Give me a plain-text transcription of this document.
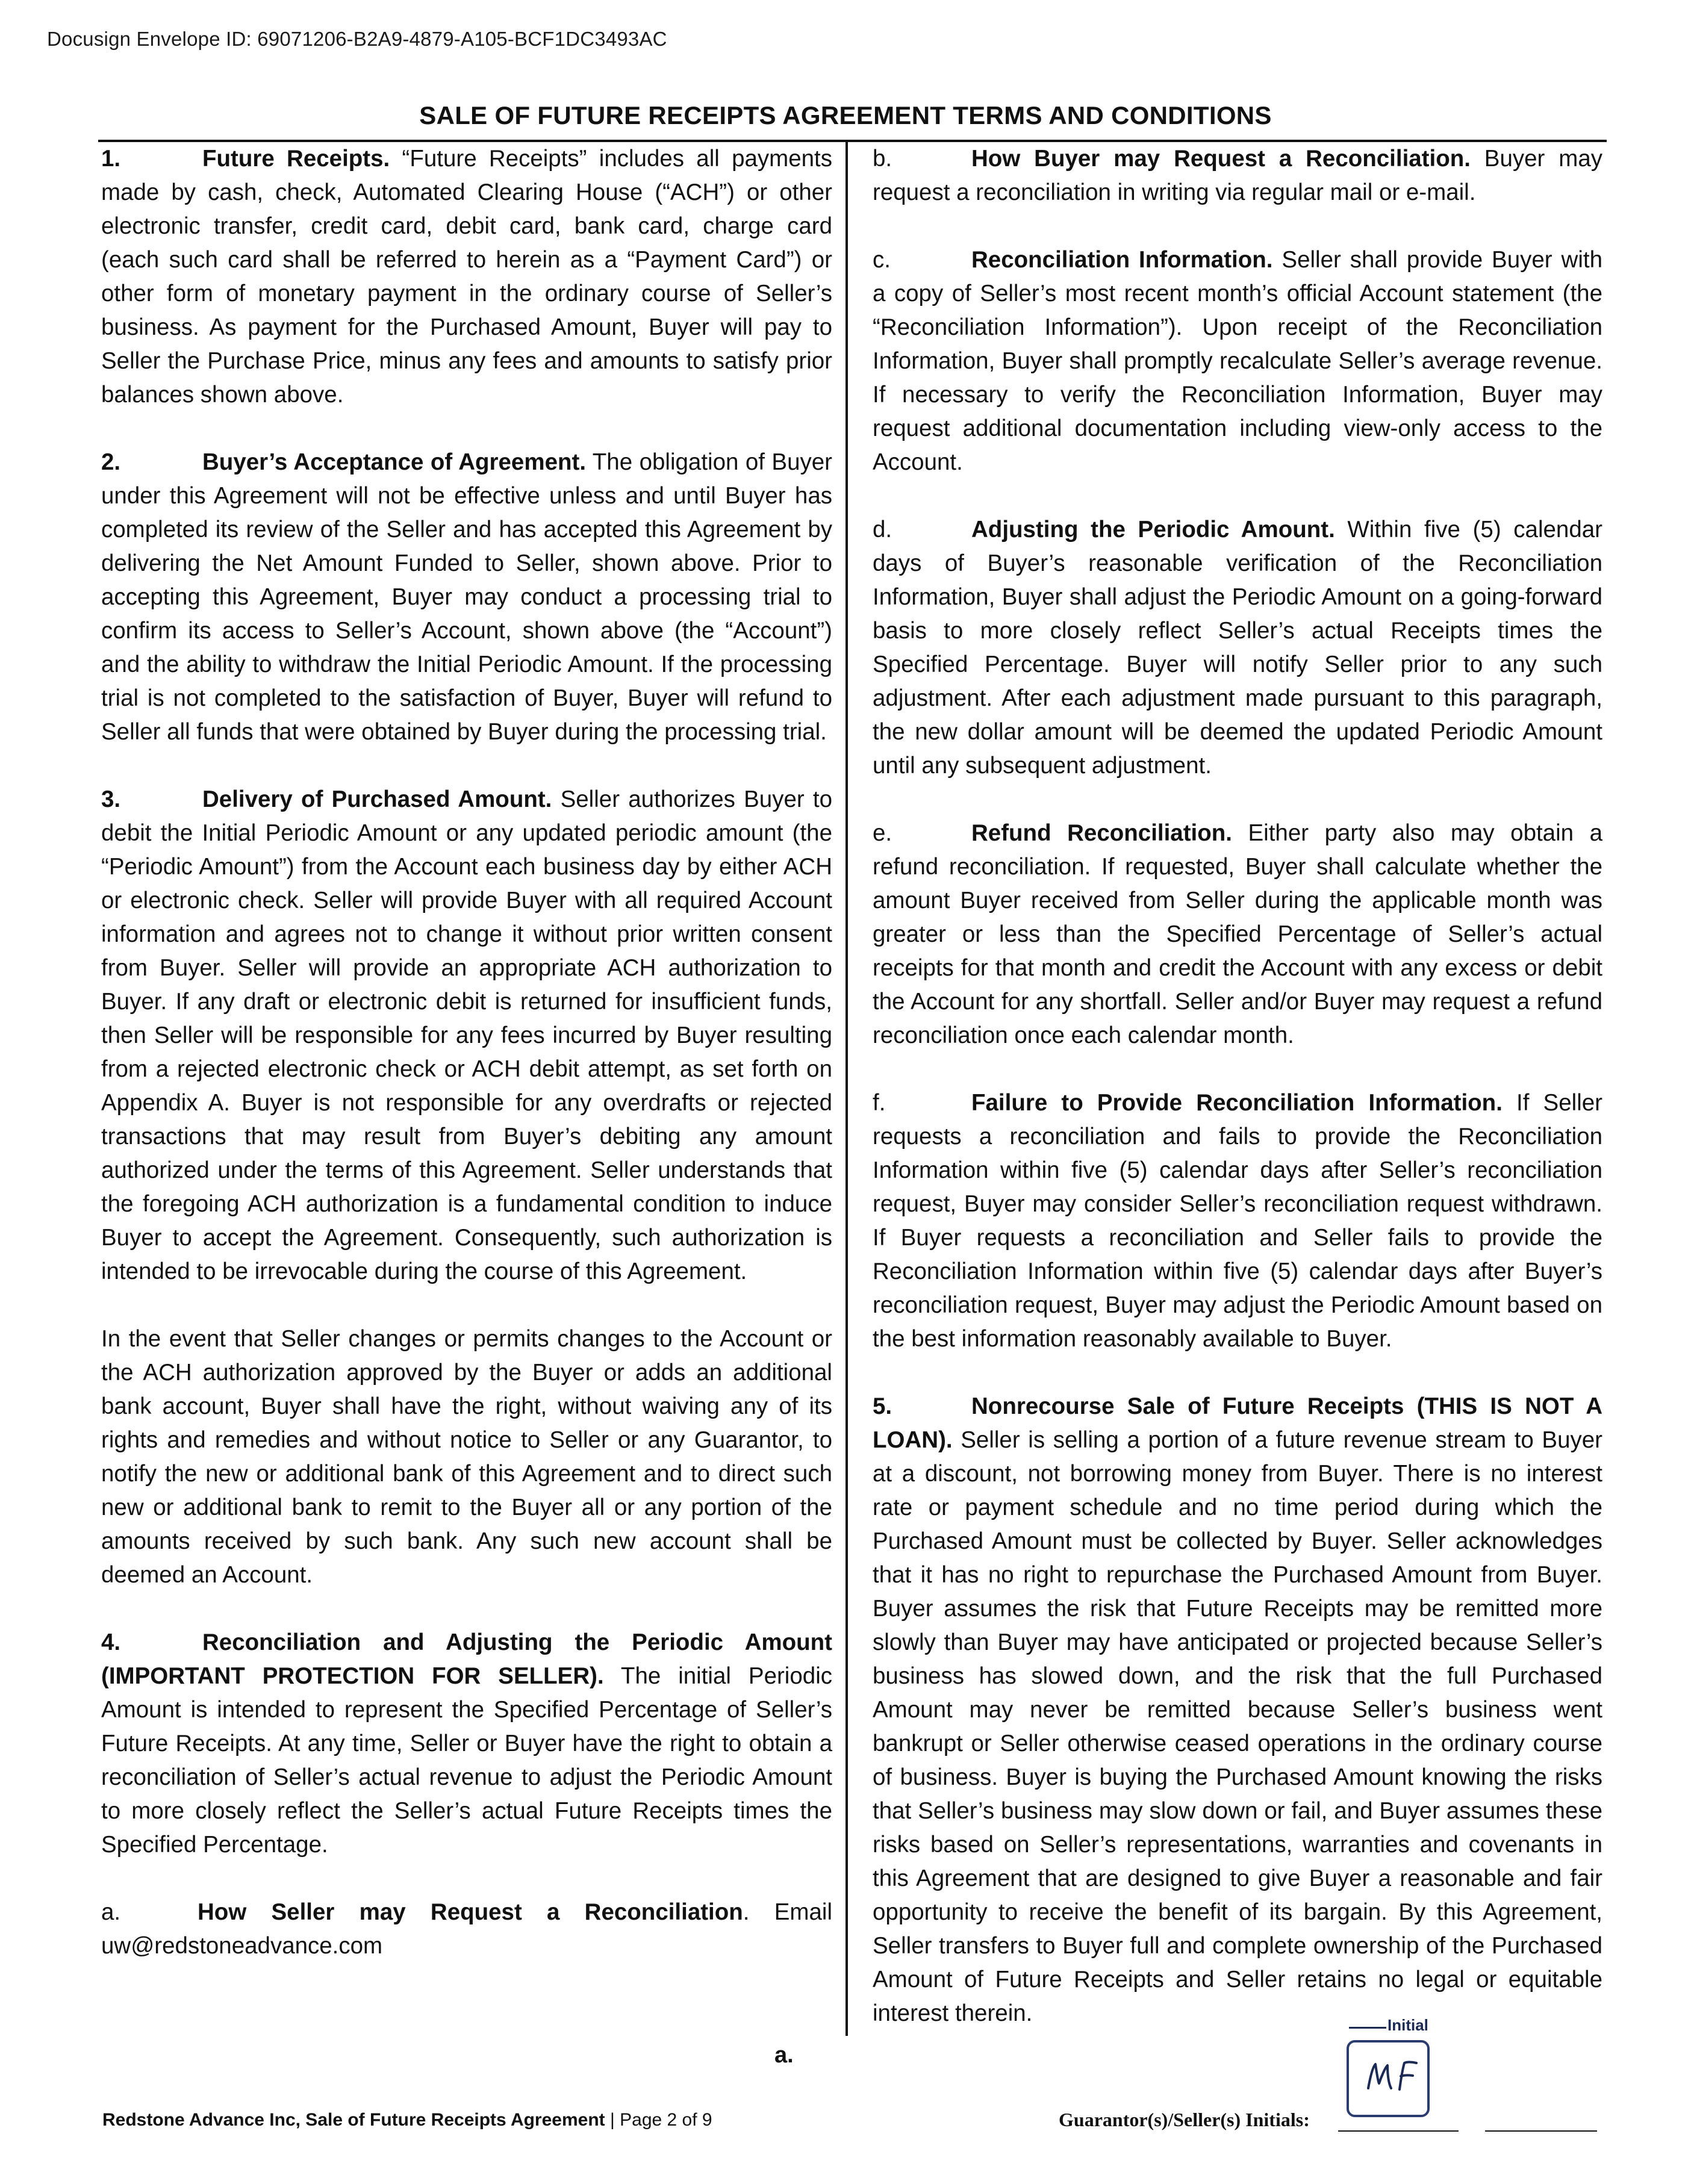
Docusign Envelope ID: 69071206-B2A9-4879-A105-BCF1DC3493AC
SALE OF FUTURE RECEIPTS AGREEMENT TERMS AND CONDITIONS

1.	Future Receipts. “Future Receipts” includes all payments made by cash, check, Automated Clearing House (“ACH”) or other electronic transfer, credit card, debit card, bank card, charge card (each such card shall be referred to herein as a “Payment Card”) or other form of monetary payment in the ordinary course of Seller’s business. As payment for the Purchased Amount, Buyer will pay to Seller the Purchase Price, minus any fees and amounts to satisfy prior balances shown above.

2.	Buyer’s Acceptance of Agreement. The obligation of Buyer under this Agreement will not be effective unless and until Buyer has completed its review of the Seller and has accepted this Agreement by delivering the Net Amount Funded to Seller, shown above. Prior to accepting this Agreement, Buyer may conduct a processing trial to confirm its access to Seller’s Account, shown above (the “Account”) and the ability to withdraw the Initial Periodic Amount. If the processing trial is not completed to the satisfaction of Buyer, Buyer will refund to Seller all funds that were obtained by Buyer during the processing trial.

3.	Delivery of Purchased Amount. Seller authorizes Buyer to debit the Initial Periodic Amount or any updated periodic amount (the “Periodic Amount”) from the Account each business day by either ACH or electronic check. Seller will provide Buyer with all required Account information and agrees not to change it without prior written consent from Buyer. Seller will provide an appropriate ACH authorization to Buyer. If any draft or electronic debit is returned for insufficient funds, then Seller will be responsible for any fees incurred by Buyer resulting from a rejected electronic check or ACH debit attempt, as set forth on Appendix A. Buyer is not responsible for any overdrafts or rejected transactions that may result from Buyer’s debiting any amount authorized under the terms of this Agreement. Seller understands that the foregoing ACH authorization is a fundamental condition to induce Buyer to accept the Agreement. Consequently, such authorization is intended to be irrevocable during the course of this Agreement.

In the event that Seller changes or permits changes to the Account or the ACH authorization approved by the Buyer or adds an additional bank account, Buyer shall have the right, without waiving any of its rights and remedies and without notice to Seller or any Guarantor, to notify the new or additional bank of this Agreement and to direct such new or additional bank to remit to the Buyer all or any portion of the amounts received by such bank. Any such new account shall be deemed an Account.

4.	Reconciliation and Adjusting the Periodic Amount (IMPORTANT PROTECTION FOR SELLER). The initial Periodic Amount is intended to represent the Specified Percentage of Seller’s Future Receipts. At any time, Seller or Buyer have the right to obtain a reconciliation of Seller’s actual revenue to adjust the Periodic Amount to more closely reflect the Seller’s actual Future Receipts times the Specified Percentage.

a.	How Seller may Request a Reconciliation. Email uw@redstoneadvance.com

b.	How Buyer may Request a Reconciliation. Buyer may request a reconciliation in writing via regular mail or e-mail.

c.	Reconciliation Information. Seller shall provide Buyer with a copy of Seller’s most recent month’s official Account statement (the “Reconciliation Information”). Upon receipt of the Reconciliation Information, Buyer shall promptly recalculate Seller’s average revenue. If necessary to verify the Reconciliation Information, Buyer may request additional documentation including view-only access to the Account.

d.	Adjusting the Periodic Amount. Within five (5) calendar days of Buyer’s reasonable verification of the Reconciliation Information, Buyer shall adjust the Periodic Amount on a going-forward basis to more closely reflect Seller’s actual Receipts times the Specified Percentage. Buyer will notify Seller prior to any such adjustment. After each adjustment made pursuant to this paragraph, the new dollar amount will be deemed the updated Periodic Amount until any subsequent adjustment.

e.	Refund Reconciliation. Either party also may obtain a refund reconciliation. If requested, Buyer shall calculate whether the amount Buyer received from Seller during the applicable month was greater or less than the Specified Percentage of Seller’s actual receipts for that month and credit the Account with any excess or debit the Account for any shortfall. Seller and/or Buyer may request a refund reconciliation once each calendar month.

f.	Failure to Provide Reconciliation Information. If Seller requests a reconciliation and fails to provide the Reconciliation Information within five (5) calendar days after Seller’s reconciliation request, Buyer may consider Seller’s reconciliation request withdrawn. If Buyer requests a reconciliation and Seller fails to provide the Reconciliation Information within five (5) calendar days after Buyer’s reconciliation request, Buyer may adjust the Periodic Amount based on the best information reasonably available to Buyer.

5.	Nonrecourse Sale of Future Receipts (THIS IS NOT A LOAN). Seller is selling a portion of a future revenue stream to Buyer at a discount, not borrowing money from Buyer. There is no interest rate or payment schedule and no time period during which the Purchased Amount must be collected by Buyer. Seller acknowledges that it has no right to repurchase the Purchased Amount from Buyer. Buyer assumes the risk that Future Receipts may be remitted more slowly than Buyer may have anticipated or projected because Seller’s business has slowed down, and the risk that the full Purchased Amount may never be remitted because Seller’s business went bankrupt or Seller otherwise ceased operations in the ordinary course of business. Buyer is buying the Purchased Amount knowing the risks that Seller’s business may slow down or fail, and Buyer assumes these risks based on Seller’s representations, warranties and covenants in this Agreement that are designed to give Buyer a reasonable and fair opportunity to receive the benefit of its bargain. By this Agreement, Seller transfers to Buyer full and complete ownership of the Purchased Amount of Future Receipts and Seller retains no legal or equitable interest therein.

a.
Initial
Redstone Advance Inc, Sale of Future Receipts Agreement | Page 2 of 9	Guarantor(s)/Seller(s) Initials:
